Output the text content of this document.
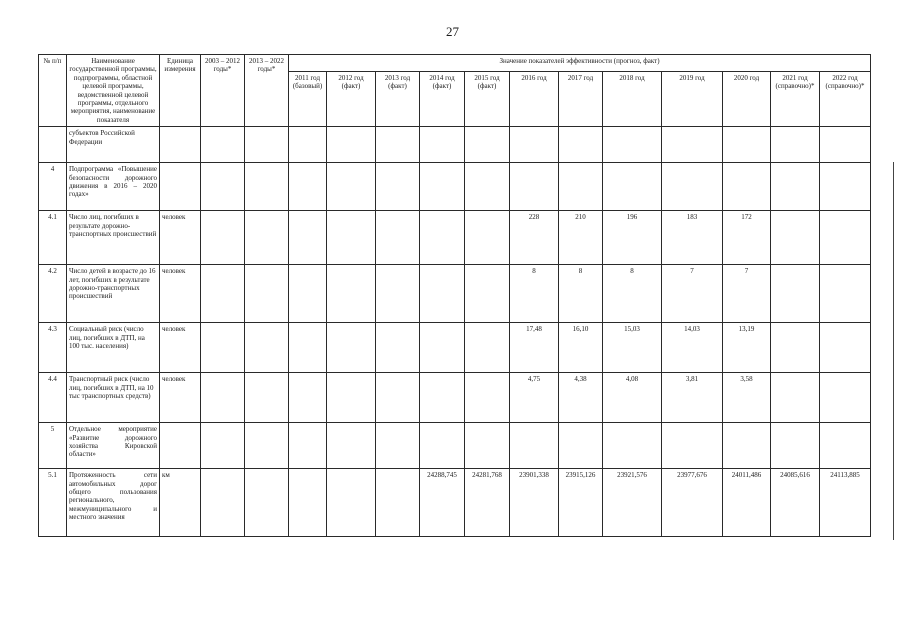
27
№ п/п	Наименование государственной программы, подпрограммы, областной целевой программы, ведомственной целевой программы, отдельного мероприятия, наименование показателя	Единица измерения	2003 – 2012 годы*	2013 – 2022 годы*	Значение показателей эффективности (прогноз, факт)											
					2011 год (базовый)	2012 год (факт)	2013 год (факт)	2014 год (факт)	2015 год (факт)	2016 год	2017 год	2018 год	2019 год	2020 год	2021 год (справочно)*	2022 год (справочно)*
	субъектов Российской Федерации															
4	Подпрограмма «Повышение безопасности дорожного движения в 2016 – 2020 годах»															
4.1	Число лиц, погибших в результате дорожно-транспортных происшествий	человек								228	210	196	183	172		
4.2	Число детей в возрасте до 16 лет, погибших в результате дорожно-транспортных происшествий	человек								8	8	8	7	7		
4.3	Социальный риск (число лиц, погибших в ДТП, на 100 тыс. населения)	человек								17,48	16,10	15,03	14,03	13,19		
4.4	Транспортный риск (число лиц, погибших в ДТП, на 10 тыс транспортных средств)	человек								4,75	4,38	4,08	3,81	3,58		
5	Отдельное мероприятие «Развитие дорожного хозяйства Кировской области»															
5.1	Протяженность сети автомобильных дорог общего пользования регионального, межмуниципального и местного значения	км						24288,745	24281,768	23901,338	23915,126	23921,576	23977,676	24011,486	24085,616	24113,885
